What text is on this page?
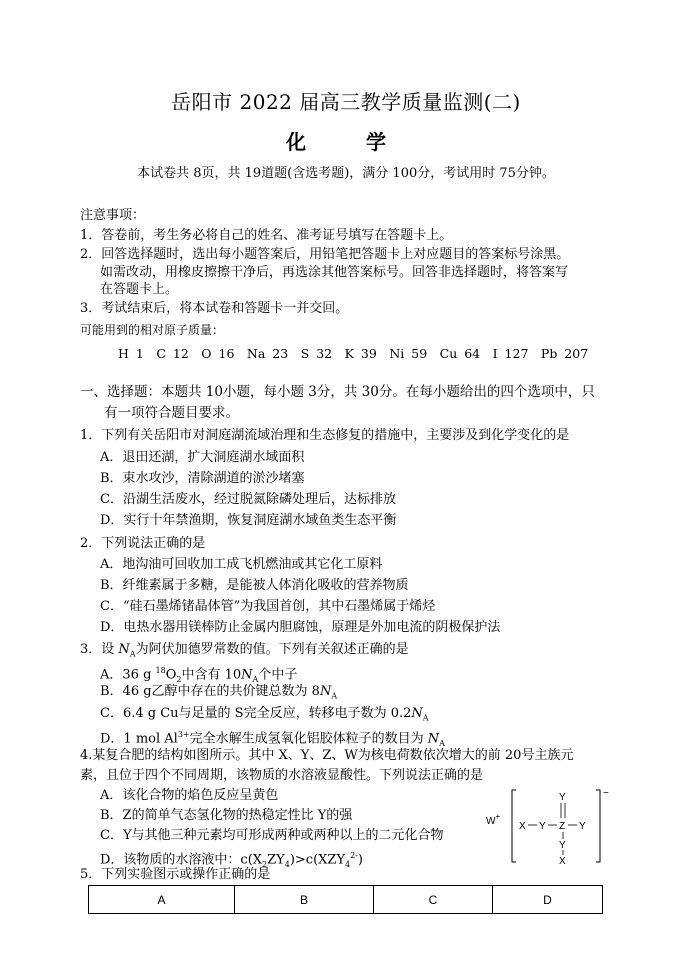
岳阳市 2022 届高三教学质量监测(二)
化　学
本试卷共 8页，共 19道题(含选考题)，满分 100分，考试用时 75分钟。
注意事项：
1．答卷前，考生务必将自己的姓名、准考证号填写在答题卡上。
2．回答选择题时，选出每小题答案后，用铅笔把答题卡上对应题目的答案标号涂黑。
如需改动，用橡皮擦擦干净后，再选涂其他答案标号。回答非选择题时，将答案写
在答题卡上。
3．考试结束后，将本试卷和答题卡一并交回。
可能用到的相对原子质量：
H 1　C 12　O 16　Na 23　S 32　K 39　Ni 59　Cu 64　I 127　Pb 207
一、选择题：本题共 10小题，每小题 3分，共 30分。在每小题给出的四个选项中，只
有一项符合题目要求。
1．下列有关岳阳市对洞庭湖流域治理和生态修复的措施中，主要涉及到化学变化的是
A．退田还湖，扩大洞庭湖水域面积
B．束水攻沙，清除湖道的淤沙堵塞
C．沿湖生活废水，经过脱氮除磷处理后，达标排放
D．实行十年禁渔期，恢复洞庭湖水域鱼类生态平衡
2．下列说法正确的是
A．地沟油可回收加工成飞机燃油或其它化工原料
B．纤维素属于多糖，是能被人体消化吸收的营养物质
C．“硅石墨烯锗晶体管”为我国首创，其中石墨烯属于烯烃
D．电热水器用镁棒防止金属内胆腐蚀，原理是外加电流的阴极保护法
3．设 $N_A$为阿伏加德罗常数的值。下列有关叙述正确的是
A．36 g $^{18}O_2$中含有 $10N_A$个中子
B．46 g乙醇中存在的共价键总数为 $8N_A$
C．6.4 g Cu与足量的 S完全反应，转移电子数为 $0.2N_A$
D．1 mol $Al^{3+}$完全水解生成氢氧化铝胶体粒子的数目为 $N_A$
4.某复合肥的结构如图所示。其中 X、Y、Z、W为核电荷数依次增大的前 20号主族元
素，且位于四个不同周期，该物质的水溶液显酸性。下列说法正确的是
A．该化合物的焰色反应呈黄色
B．Z的简单气态氢化物的热稳定性比 Y的强
C．Y与其他三种元素均可形成两种或两种以上的二元化合物
D．该物质的水溶液中：$c(X_2ZY_4)>c(XZY_4^{2-})$
W+
−
X Y Z Y
Y
Y
X
5．下列实验图示或操作正确的是
A	B	C	D
